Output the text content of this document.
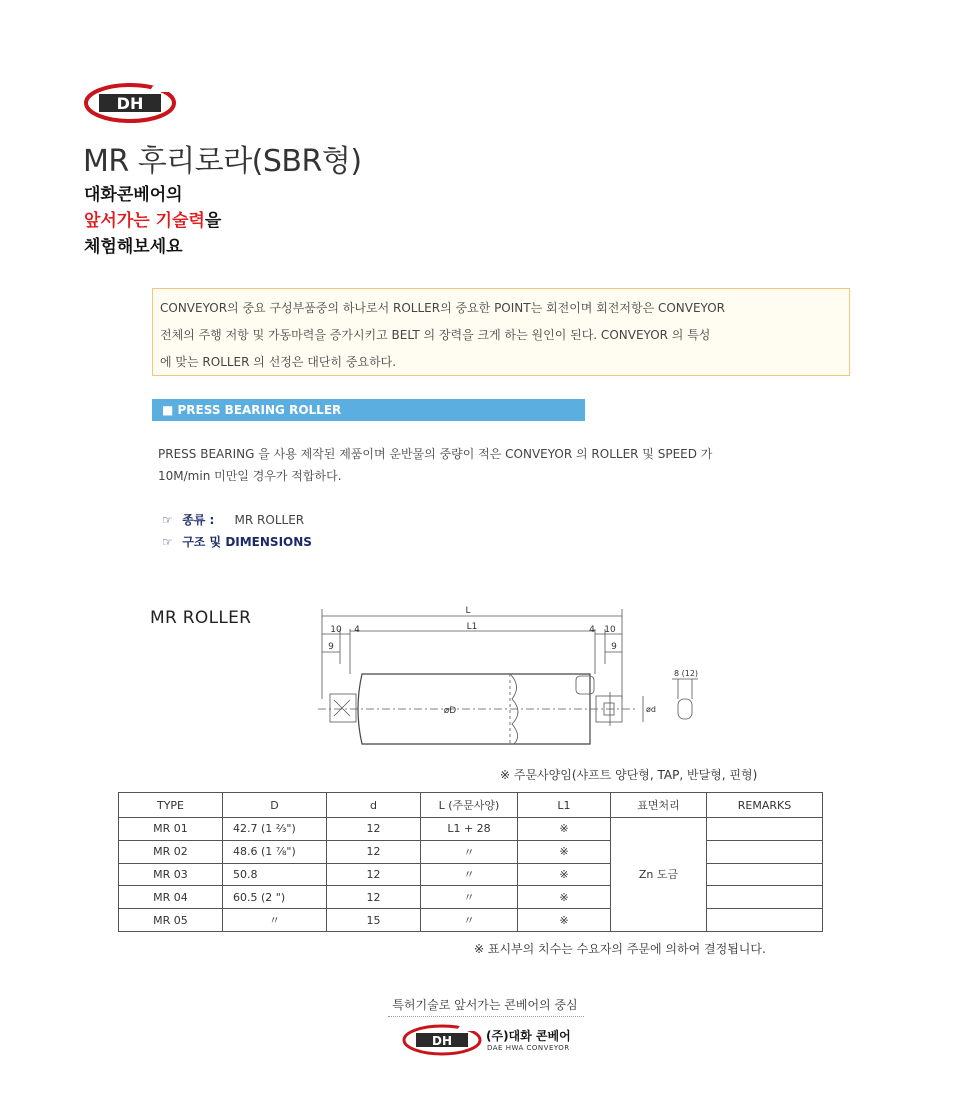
DH
MR 후리로라(SBR형)
대화콘베어의
앞서가는 기술력을
체험해보세요

CONVEYOR의 중요 구성부품중의 하나로서 ROLLER의 중요한 POINT는 회전이며 회전저항은 CONVEYOR

전체의 주행 저항 및 가동마력을 증가시키고 BELT 의 장력을 크게 하는 원인이 된다. CONVEYOR 의 특성

에 맞는 ROLLER 의 선정은 대단히 중요하다.

■ PRESS BEARING ROLLER

PRESS BEARING 을 사용 제작된 제품이며 운반물의 중량이 적은 CONVEYOR 의 ROLLER 및 SPEED 가

10M/min 미만일 경우가 적합하다.

☞ 종류 : MR ROLLER
☞ 구조 및 DIMENSIONS
MR ROLLER	L
L1
10 4
9
4 10
9
8 (12)
øD	ød
※ 주문사양임(샤프트 양단형, TAP, 반달형, 핀형)
TYPE	D	d	L (주문사양)	L1	표면처리	REMARKS
MR 01	42.7 (1 ⅔")	12	L1 + 28	※	Zn 도금	
MR 02	48.6 (1 ⅞")	12	〃	※		
MR 03	50.8	12	〃	※		
MR 04	60.5 (2 ")	12	〃	※		
MR 05	〃	15	〃	※		
※ 표시부의 치수는 수요자의 주문에 의하여 결정됩니다.
특허기술로 앞서가는 콘베어의 중심
DH	(주)대화 콘베어
DAE HWA CONVEYOR
